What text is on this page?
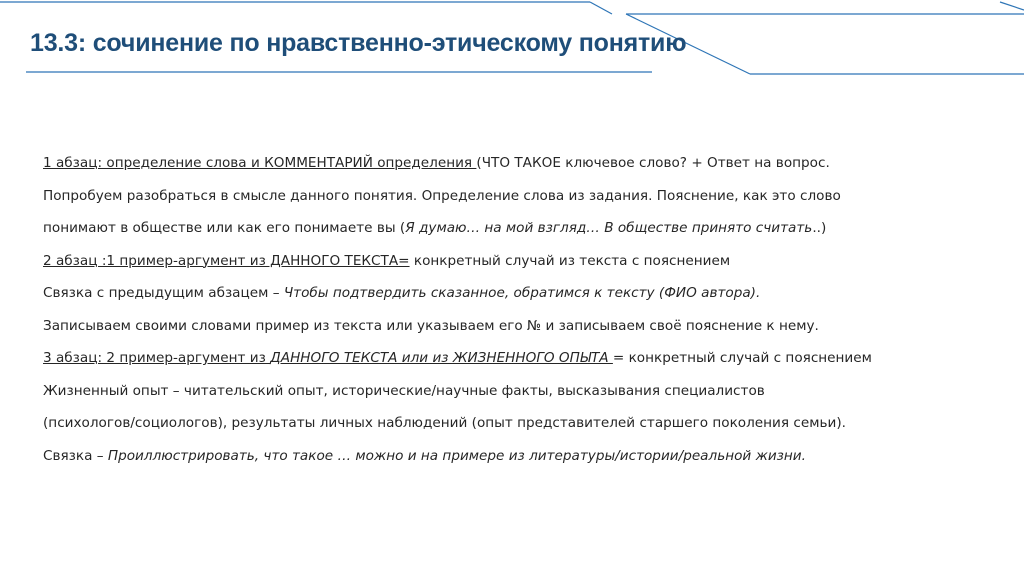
13.3: сочинение по нравственно-этическому понятию
1 абзац: определение слова и КОММЕНТАРИЙ определения (ЧТО ТАКОЕ ключевое слово? + Ответ на вопрос.
Попробуем разобраться в смысле данного понятия. Определение слова из задания. Пояснение, как это слово
понимают в обществе или как его понимаете вы (Я думаю… на мой взгляд… В обществе принято считать..)
2 абзац :1 пример-аргумент из ДАННОГО ТЕКСТА= конкретный случай из текста с пояснением
Связка с предыдущим абзацем – Чтобы подтвердить сказанное, обратимся к тексту (ФИО автора).
Записываем своими словами пример из текста или указываем его № и записываем своё пояснение к нему.
3 абзац: 2 пример-аргумент из ДАННОГО ТЕКСТА или из ЖИЗНЕННОГО ОПЫТА = конкретный случай с пояснением
Жизненный опыт – читательский опыт, исторические/научные факты, высказывания специалистов
(психологов/социологов), результаты личных наблюдений (опыт представителей старшего поколения семьи).
Связка – Проиллюстрировать, что такое … можно и на примере из литературы/истории/реальной жизни.
